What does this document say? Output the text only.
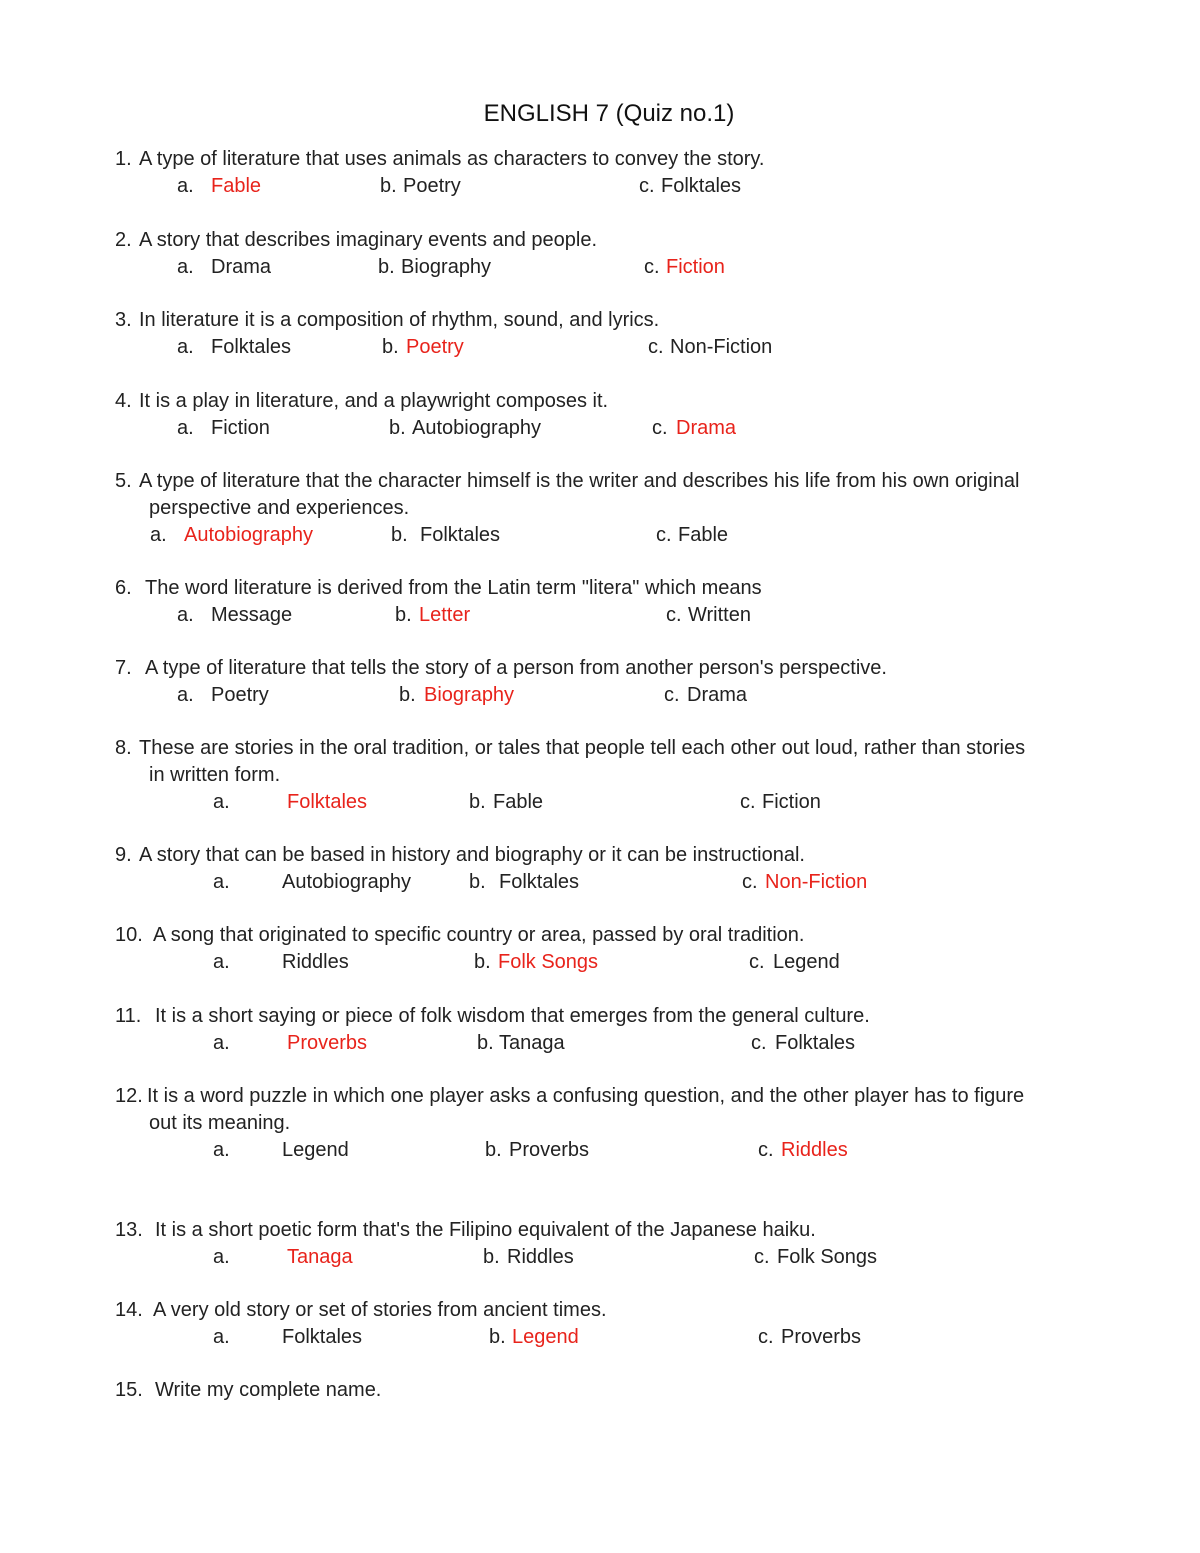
ENGLISH 7 (Quiz no.1)
1. A type of literature that uses animals as characters to convey the story.
a. Fable	b. Poetry	c. Folktales
2. A story that describes imaginary events and people.
a. Drama	b. Biography	c. Fiction
3. In literature it is a composition of rhythm, sound, and lyrics.
a. Folktales	b. Poetry	c. Non-Fiction
4. It is a play in literature, and a playwright composes it.
a. Fiction	b. Autobiography	c. Drama
5. A type of literature that the character himself is the writer and describes his life from his own original
perspective and experiences.
a. Autobiography	b. Folktales	c. Fable
6. The word literature is derived from the Latin term "litera" which means
a. Message	b. Letter	c. Written
7. A type of literature that tells the story of a person from another person's perspective.
a. Poetry	b. Biography	c. Drama
8. These are stories in the oral tradition, or tales that people tell each other out loud, rather than stories
in written form.
a.	Folktales	b. Fable	c. Fiction
9. A story that can be based in history and biography or it can be instructional.
a.	Autobiography	b. Folktales	c. Non-Fiction
10. A song that originated to specific country or area, passed by oral tradition.
a.	Riddles	b. Folk Songs	c. Legend
11. It is a short saying or piece of folk wisdom that emerges from the general culture.
a.	Proverbs	b. Tanaga	c. Folktales
12. It is a word puzzle in which one player asks a confusing question, and the other player has to figure
out its meaning.
a.	Legend	b. Proverbs	c. Riddles
13. It is a short poetic form that's the Filipino equivalent of the Japanese haiku.
a.	Tanaga	b. Riddles	c. Folk Songs
14. A very old story or set of stories from ancient times.
a.	Folktales	b. Legend	c. Proverbs
15. Write my complete name.
